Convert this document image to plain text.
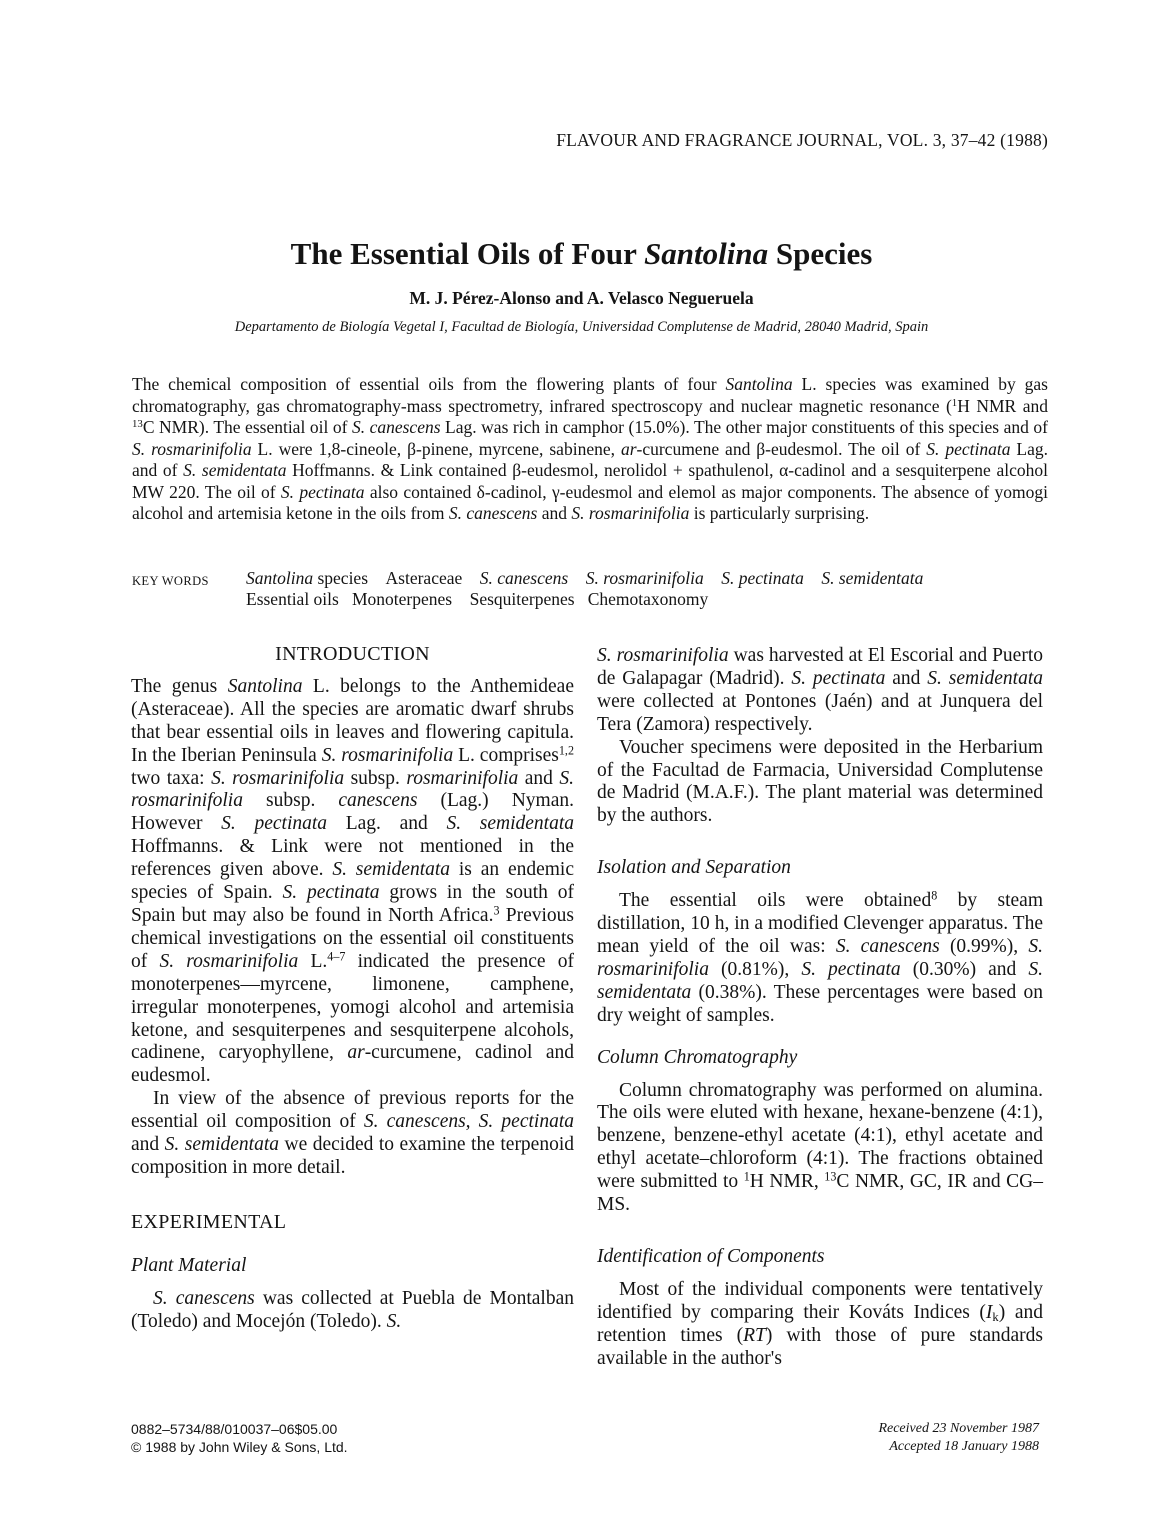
FLAVOUR AND FRAGRANCE JOURNAL, VOL. 3, 37–42 (1988)
The Essential Oils of Four Santolina Species
M. J. Pérez-Alonso and A. Velasco Negueruela
Departamento de Biología Vegetal I, Facultad de Biología, Universidad Complutense de Madrid, 28040 Madrid, Spain
The chemical composition of essential oils from the flowering plants of four Santolina L. species was examined by gas chromatography, gas chromatography-mass spectrometry, infrared spectroscopy and nuclear magnetic resonance ($^1$H NMR and $^{13}$C NMR). The essential oil of S. canescens Lag. was rich in camphor (15.0%). The other major constituents of this species and of S. rosmarinifolia L. were 1,8-cineole, β-pinene, myrcene, sabinene, ar-curcumene and β-eudesmol. The oil of S. pectinata Lag. and of S. semidentata Hoffmanns. & Link contained β-eudesmol, nerolidol + spathulenol, α-cadinol and a sesquiterpene alcohol MW 220. The oil of S. pectinata also contained δ-cadinol, γ-eudesmol and elemol as major components. The absence of yomogi alcohol and artemisia ketone in the oils from S. canescens and S. rosmarinifolia is particularly surprising.
KEY WORDS Santolina species Asteraceae S. canescens S. rosmarinifolia S. pectinata S. semidentata
Essential oils Monoterpenes Sesquiterpenes Chemotaxonomy
INTRODUCTION

The genus Santolina L. belongs to the Anthemideae (Asteraceae). All the species are aromatic dwarf shrubs that bear essential oils in leaves and flowering capitula. In the Iberian Peninsula S. rosmarinifolia L. comprises$^{1,2}$ two taxa: S. rosmarinifolia subsp. rosmarinifolia and S. rosmarinifolia subsp. canescens (Lag.) Nyman. However S. pectinata Lag. and S. semidentata Hoffmanns. & Link were not mentioned in the references given above. S. semidentata is an endemic species of Spain. S. pectinata grows in the south of Spain but may also be found in North Africa.$^3$ Previous chemical investigations on the essential oil constituents of S. rosmarinifolia L.$^{4-7}$ indicated the presence of monoterpenes—myrcene, limonene, camphene, irregular monoterpenes, yomogi alcohol and artemisia ketone, and sesquiterpenes and sesquiterpene alcohols, cadinene, caryophyllene, ar-curcumene, cadinol and eudesmol.

In view of the absence of previous reports for the essential oil composition of S. canescens, S. pectinata and S. semidentata we decided to examine the terpenoid composition in more detail.

EXPERIMENTAL
Plant Material

S. canescens was collected at Puebla de Montalban (Toledo) and Mocejón (Toledo). S.

S. rosmarinifolia was harvested at El Escorial and Puerto de Galapagar (Madrid). S. pectinata and S. semidentata were collected at Pontones (Jaén) and at Junquera del Tera (Zamora) respectively.

Voucher specimens were deposited in the Herbarium of the Facultad de Farmacia, Universidad Complutense de Madrid (M.A.F.). The plant material was determined by the authors.

Isolation and Separation

The essential oils were obtained$^8$ by steam distillation, 10 h, in a modified Clevenger apparatus. The mean yield of the oil was: S. canescens (0.99%), S. rosmarinifolia (0.81%), S. pectinata (0.30%) and S. semidentata (0.38%). These percentages were based on dry weight of samples.

Column Chromatography

Column chromatography was performed on alumina. The oils were eluted with hexane, hexane-benzene (4:1), benzene, benzene-ethyl acetate (4:1), ethyl acetate and ethyl acetate–chloroform (4:1). The fractions obtained were submitted to $^1$H NMR, $^{13}$C NMR, GC, IR and CG–MS.

Identification of Components

Most of the individual components were tentatively identified by comparing their Kováts Indices $(I_k)$ and retention times (RT) with those of pure standards available in the author's

0882–5734/88/010037–06$05.00
© 1988 by John Wiley & Sons, Ltd.
Received 23 November 1987
Accepted 18 January 1988
